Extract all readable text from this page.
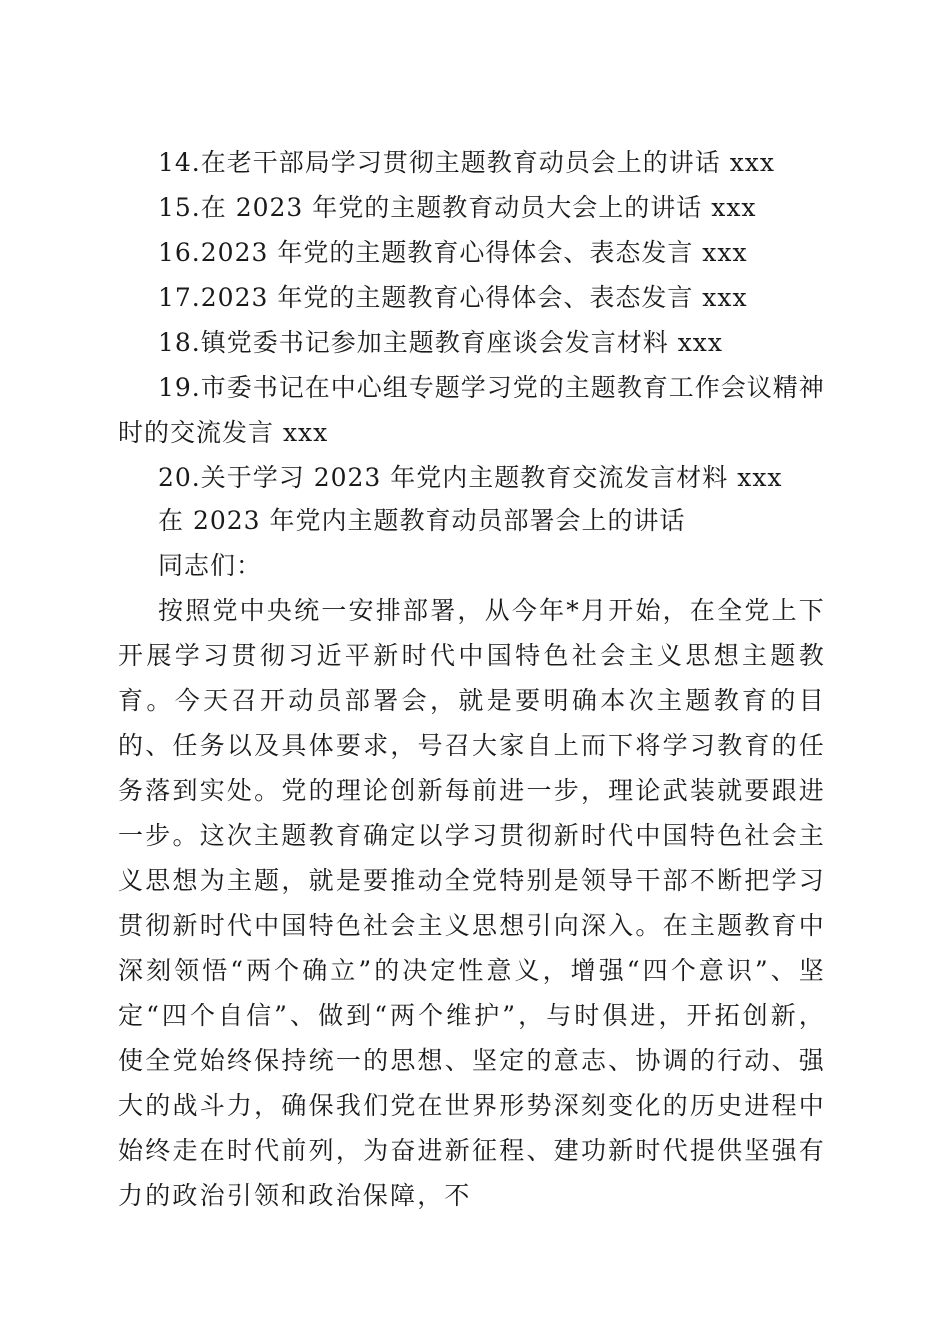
14.在老干部局学习贯彻主题教育动员会上的讲话 xxx
15.在 2023 年党的主题教育动员大会上的讲话 xxx
16.2023 年党的主题教育心得体会、表态发言 xxx
17.2023 年党的主题教育心得体会、表态发言 xxx
18.镇党委书记参加主题教育座谈会发言材料 xxx
19.市委书记在中心组专题学习党的主题教育工作会议精神时的交流发言 xxx
20.关于学习 2023 年党内主题教育交流发言材料 xxx
在 2023 年党内主题教育动员部署会上的讲话
同志们：

按照党中央统一安排部署，从今年*月开始，在全党上下开展学习贯彻习近平新时代中国特色社会主义思想主题教育。今天召开动员部署会，就是要明确本次主题教育的目的、任务以及具体要求，号召大家自上而下将学习教育的任务落到实处。党的理论创新每前进一步，理论武装就要跟进一步。这次主题教育确定以学习贯彻新时代中国特色社会主义思想为主题，就是要推动全党特别是领导干部不断把学习贯彻新时代中国特色社会主义思想引向深入。在主题教育中深刻领悟“两个确立”的决定性意义，增强“四个意识”、坚定“四个自信”、做到“两个维护”，与时俱进，开拓创新，使全党始终保持统一的思想、坚定的意志、协调的行动、强大的战斗力，确保我们党在世界形势深刻变化的历史进程中始终走在时代前列，为奋进新征程、建功新时代提供坚强有力的政治引领和政治保障，不
